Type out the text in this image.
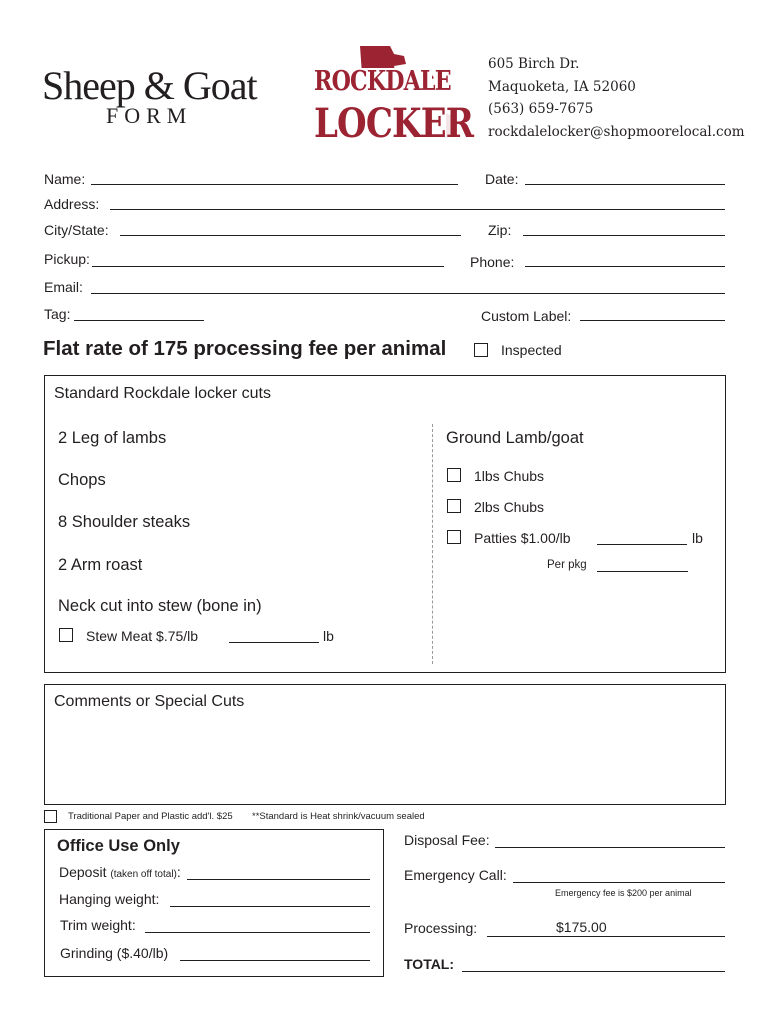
Sheep & Goat
FORM
ROCKDALE
LOCKER
605 Birch Dr.
Maquoketa, IA 52060
(563) 659-7675
rockdalelocker@shopmoorelocal.com
Name:	Date:
Address:
City/State:	Zip:
Pickup:	Phone:
Email:
Tag:	Custom Label:
Flat rate of 175 processing fee per animal	Inspected
Standard Rockdale locker cuts
2 Leg of lambs
Chops
8 Shoulder steaks
2 Arm roast
Neck cut into stew (bone in)
Stew Meat $.75/lb	lb
Ground Lamb/goat
1lbs Chubs
2lbs Chubs
Patties $1.00/lb	lb
Per pkg
Comments or Special Cuts
Traditional Paper and Plastic add'l. $25 **Standard is Heat shrink/vacuum sealed
Office Use Only
Deposit (taken off total):
Hanging weight:
Trim weight:
Grinding ($.40/lb)
Disposal Fee:
Emergency Call:
Emergency fee is $200 per animal
Processing:	$175.00
TOTAL:
